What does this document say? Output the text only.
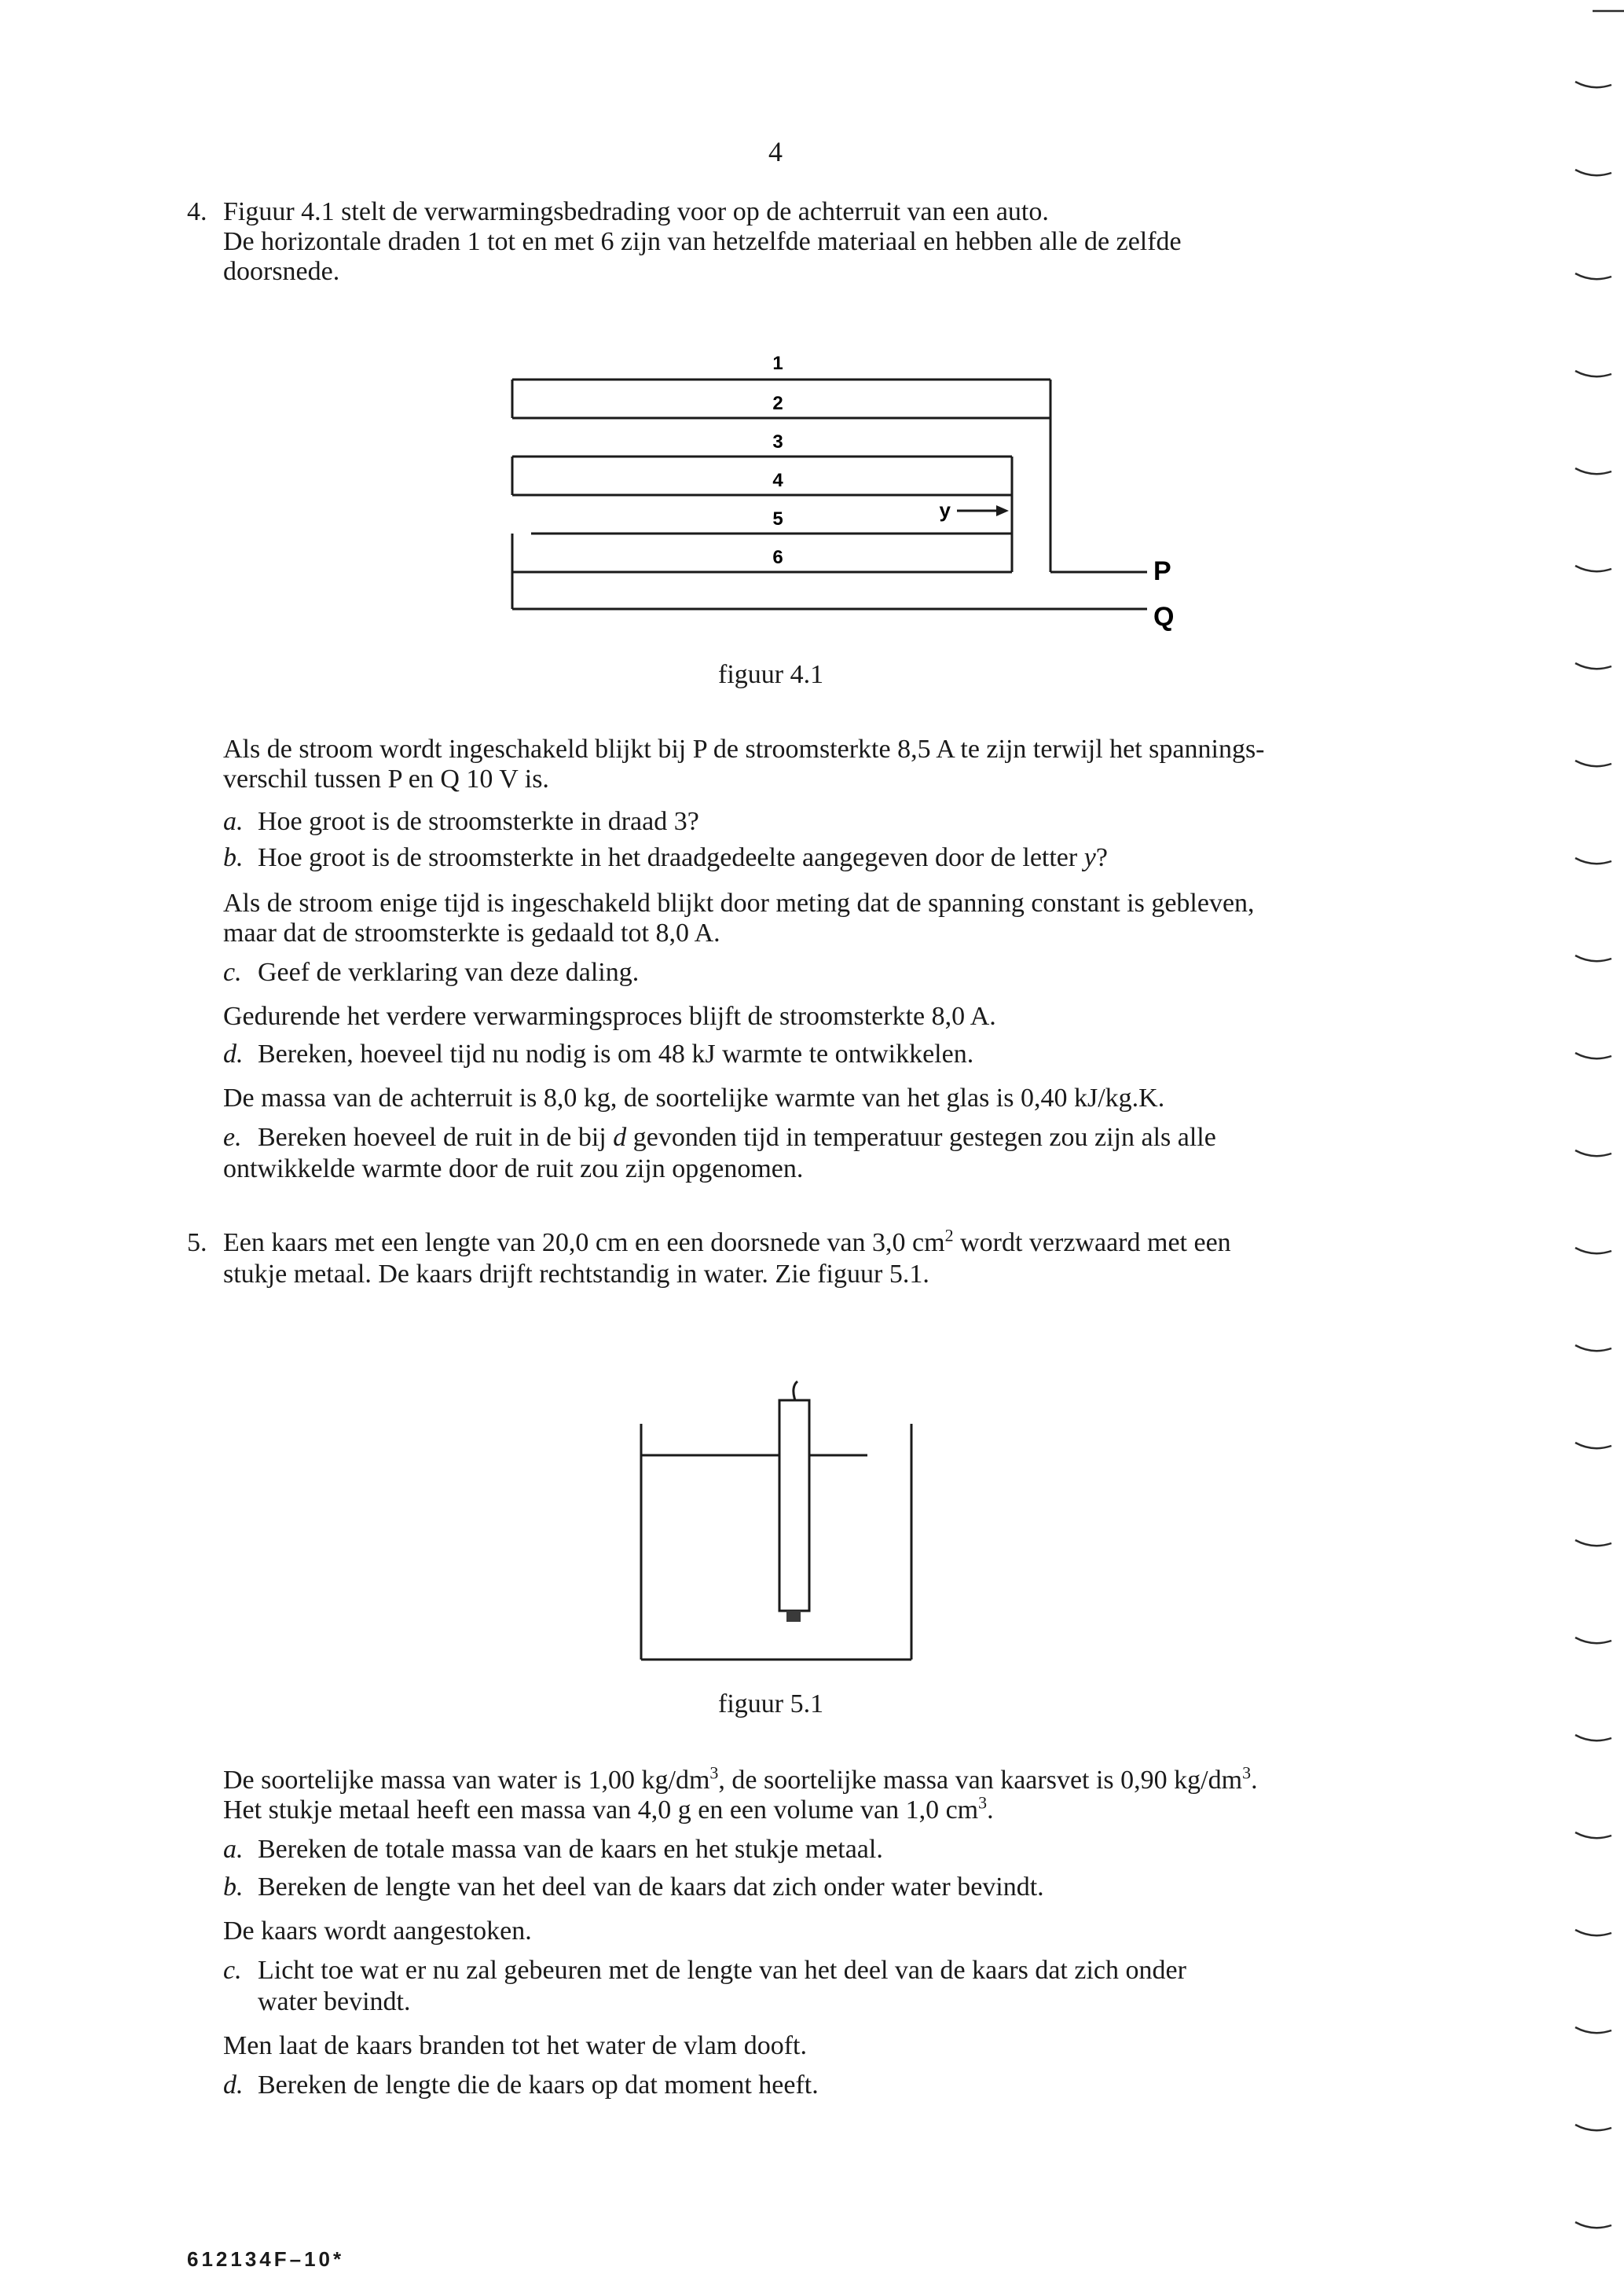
4
4. Figuur 4.1 stelt de verwarmingsbedrading voor op de achterruit van een auto.
De horizontale draden 1 tot en met 6 zijn van hetzelfde materiaal en hebben alle de zelfde
doorsnede.
1
2
3
4
5
6
y
P
Q
figuur 4.1
Als de stroom wordt ingeschakeld blijkt bij P de stroomsterkte 8,5 A te zijn terwijl het spannings-
verschil tussen P en Q 10 V is.
a. Hoe groot is de stroomsterkte in draad 3?
b. Hoe groot is de stroomsterkte in het draadgedeelte aangegeven door de letter y?
Als de stroom enige tijd is ingeschakeld blijkt door meting dat de spanning constant is gebleven,
maar dat de stroomsterkte is gedaald tot 8,0 A.
c. Geef de verklaring van deze daling.
Gedurende het verdere verwarmingsproces blijft de stroomsterkte 8,0 A.
d. Bereken, hoeveel tijd nu nodig is om 48 kJ warmte te ontwikkelen.
De massa van de achterruit is 8,0 kg, de soortelijke warmte van het glas is 0,40 kJ/kg.K.
e. Bereken hoeveel de ruit in de bij d gevonden tijd in temperatuur gestegen zou zijn als alle
ontwikkelde warmte door de ruit zou zijn opgenomen.
5. Een kaars met een lengte van 20,0 cm en een doorsnede van 3,0 $cm^2$ wordt verzwaard met een
stukje metaal. De kaars drijft rechtstandig in water. Zie figuur 5.1.
figuur 5.1
De soortelijke massa van water is 1,00 $kg/dm^3$, de soortelijke massa van kaarsvet is 0,90 $kg/dm^3$.
Het stukje metaal heeft een massa van 4,0 g en een volume van 1,0 $cm^3$.
a. Bereken de totale massa van de kaars en het stukje metaal.
b. Bereken de lengte van het deel van de kaars dat zich onder water bevindt.
De kaars wordt aangestoken.
c. Licht toe wat er nu zal gebeuren met de lengte van het deel van de kaars dat zich onder
water bevindt.
Men laat de kaars branden tot het water de vlam dooft.
d. Bereken de lengte die de kaars op dat moment heeft.
612134F–10*
